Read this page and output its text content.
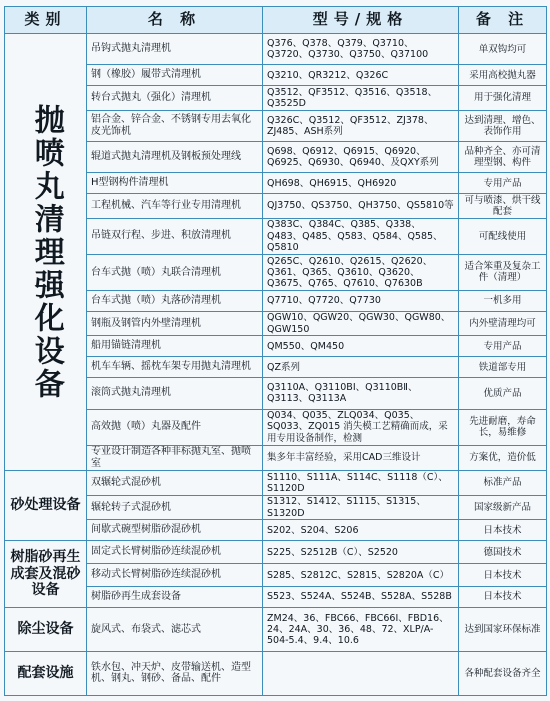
类别	名 称	型号/规格	备 注
抛喷丸清理强化设备	吊钩式抛丸清理机	Q376、Q378、Q379、Q3710、Q3720、Q3730、Q3750、Q37100	单双钩均可
	钢（橡胶）履带式清理机	Q3210、QR3212、Q326C	采用高校抛丸器
	转台式抛丸（强化）清理机	Q3512、QF3512、Q3516、Q3518、Q3525D	用于强化清理
	铝合金、锌合金、不锈钢专用去氧化皮光饰机	Q326C、Q3512、QF3512、ZJ378、ZJ485、ASH系列	达到清理、增色、表饰作用
	辊道式抛丸清理机及钢板预处理线	Q698、Q6912、Q6915、Q6920、Q6925、Q6930、Q6940、及QXY系列	品种齐全、亦可清理型钢、构件
	H型钢构件清理机	QH698、QH6915、QH6920	专用产品
	工程机械、汽车等行业专用清理机	QJ3750、QS3750、QH3750、QS5810等	可与喷漆、烘干线配套
	吊链双行程、步进、积放清理机	Q383C、Q384C、Q385、Q338、Q483、Q485、Q583、Q584、Q585、Q5810	可配线使用
	台车式抛（喷）丸联合清理机	Q265C、Q2610、Q2615、Q2620、Q361、Q365、Q3610、Q3620、Q3675、Q765、Q7610、Q7630B	适合笨重及复杂工件（清理）
	台车式抛（喷）丸落砂清理机	Q7710、Q7720、Q7730	一机多用
	钢瓶及钢管内外壁清理机	QGW10、QGW20、QGW30、QGW80、QGW150	内外壁清理均可
	船用锚链清理机	QM550、QM450	专用产品
	机车车辆、摇枕车架专用抛丸清理机	QZ系列	铁道部专用
	滚筒式抛丸清理机	Q3110A、Q3110BⅠ、Q3110BⅡ、Q3113、Q3113A	优质产品
	高效抛（喷）丸器及配件	Q034、Q035、ZLQ034、Q035、SQ033、ZQ015 消失模工艺精确而成，采用专用设备制作，检测	先进耐磨，寿命长，易维修
	专业设计制造各种非标抛丸室、抛喷室	集多年丰富经验，采用CAD三维设计	方案优，造价低
砂处理设备	双辗轮式混砂机	S1110、S111A、S114C、S1118（C）、S1120D	标准产品
	辗轮转子式混砂机	S1312、S1412、S1115、S1315、S1320D	国家级新产品
	间歇式碗型树脂砂混砂机	S202、S204、S206	日本技术
树脂砂再生成套及混砂设备	固定式长臂树脂砂连续混砂机	S225、S2512B（C）、S2520	德国技术
	移动式长臂树脂砂连续混砂机	S285、S2812C、S2815、S2820A（C）	日本技术
	树脂砂再生成套设备	S523、S524A、S524B、S528A、S528B	日本技术
除尘设备	旋风式、布袋式、滤芯式	ZM24、36、FBC66、FBC66Ⅰ、FBD16、24、24A、30、36、48、72、XLP/A-504-5.4、9.4、10.6	达到国家环保标准
配套设施	铁水包、冲天炉、皮带输送机、造型机、钢丸、钢砂、备品、配件		各种配套设备齐全
